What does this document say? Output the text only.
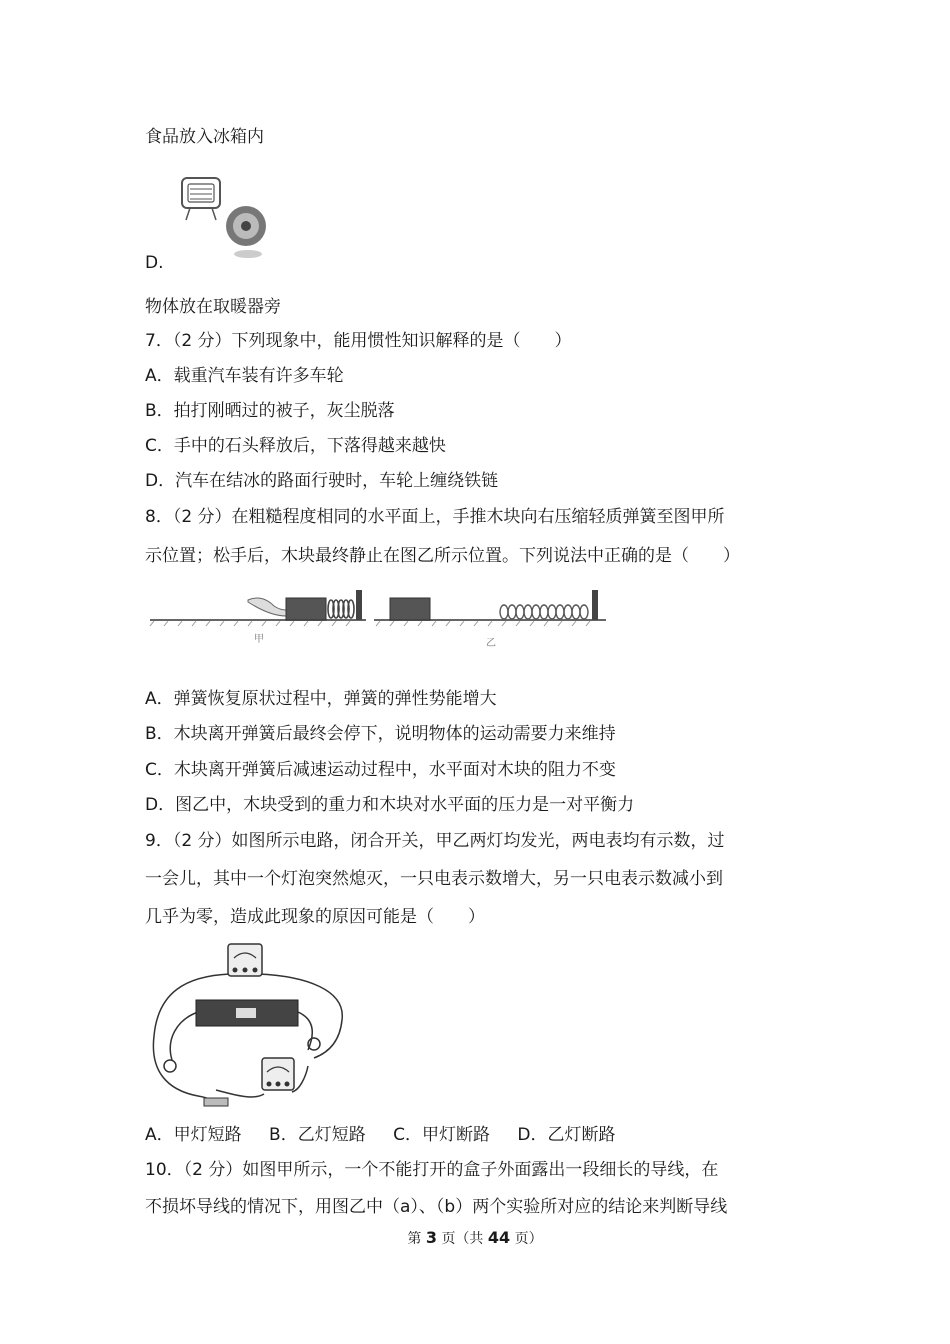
食品放入冰箱内
D.
物体放在取暖器旁
7．（2 分）下列现象中，能用惯性知识解释的是（　　）
A．载重汽车装有许多车轮
B．拍打刚晒过的被子，灰尘脱落
C．手中的石头释放后，下落得越来越快
D．汽车在结冰的路面行驶时，车轮上缠绕铁链
8．（2 分）在粗糙程度相同的水平面上，手推木块向右压缩轻质弹簧至图甲所
示位置；松手后，木块最终静止在图乙所示位置。下列说法中正确的是（　　）
甲	乙
A．弹簧恢复原状过程中，弹簧的弹性势能增大
B．木块离开弹簧后最终会停下，说明物体的运动需要力来维持
C．木块离开弹簧后减速运动过程中，水平面对木块的阻力不变
D．图乙中，木块受到的重力和木块对水平面的压力是一对平衡力
9．（2 分）如图所示电路，闭合开关，甲乙两灯均发光，两电表均有示数，过
一会儿，其中一个灯泡突然熄灭，一只电表示数增大，另一只电表示数减小到
几乎为零，造成此现象的原因可能是（　　）
A．甲灯短路 B．乙灯短路 C．甲灯断路 D．乙灯断路
10．（2 分）如图甲所示，一个不能打开的盒子外面露出一段细长的导线，在
不损坏导线的情况下，用图乙中（a）、（b）两个实验所对应的结论来判断导线
第 3 页（共 44 页）
